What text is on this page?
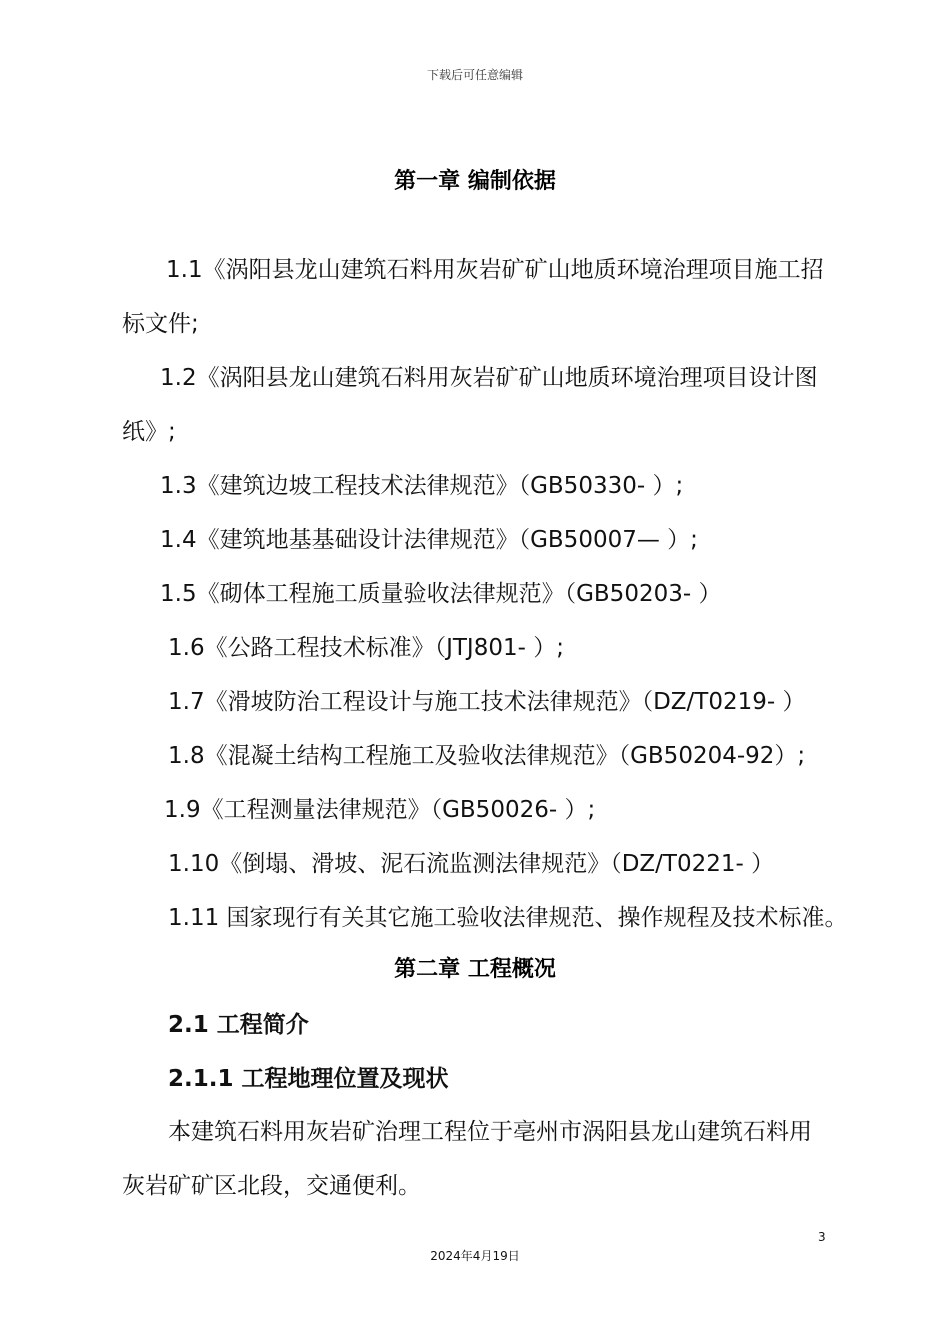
下载后可任意编辑
第一章 编制依据
1.1《涡阳县龙山建筑石料用灰岩矿矿山地质环境治理项目施工招
标文件;
1.2《涡阳县龙山建筑石料用灰岩矿矿山地质环境治理项目设计图
纸》;
1.3《建筑边坡工程技术法律规范》（GB50330- ）;
1.4《建筑地基基础设计法律规范》（GB50007— ）;
1.5《砌体工程施工质量验收法律规范》（GB50203- ）
1.6《公路工程技术标准》（JTJ801- ）;
1.7《滑坡防治工程设计与施工技术法律规范》（DZ/T0219- ）
1.8《混凝土结构工程施工及验收法律规范》（GB50204-92）;
1.9《工程测量法律规范》（GB50026- ）;
1.10《倒塌、滑坡、泥石流监测法律规范》（DZ/T0221- ）
1.11 国家现行有关其它施工验收法律规范、操作规程及技术标准。
第二章 工程概况
2.1 工程简介
2.1.1 工程地理位置及现状
本建筑石料用灰岩矿治理工程位于亳州市涡阳县龙山建筑石料用
灰岩矿矿区北段，交通便利。
3
2024年4月19日
